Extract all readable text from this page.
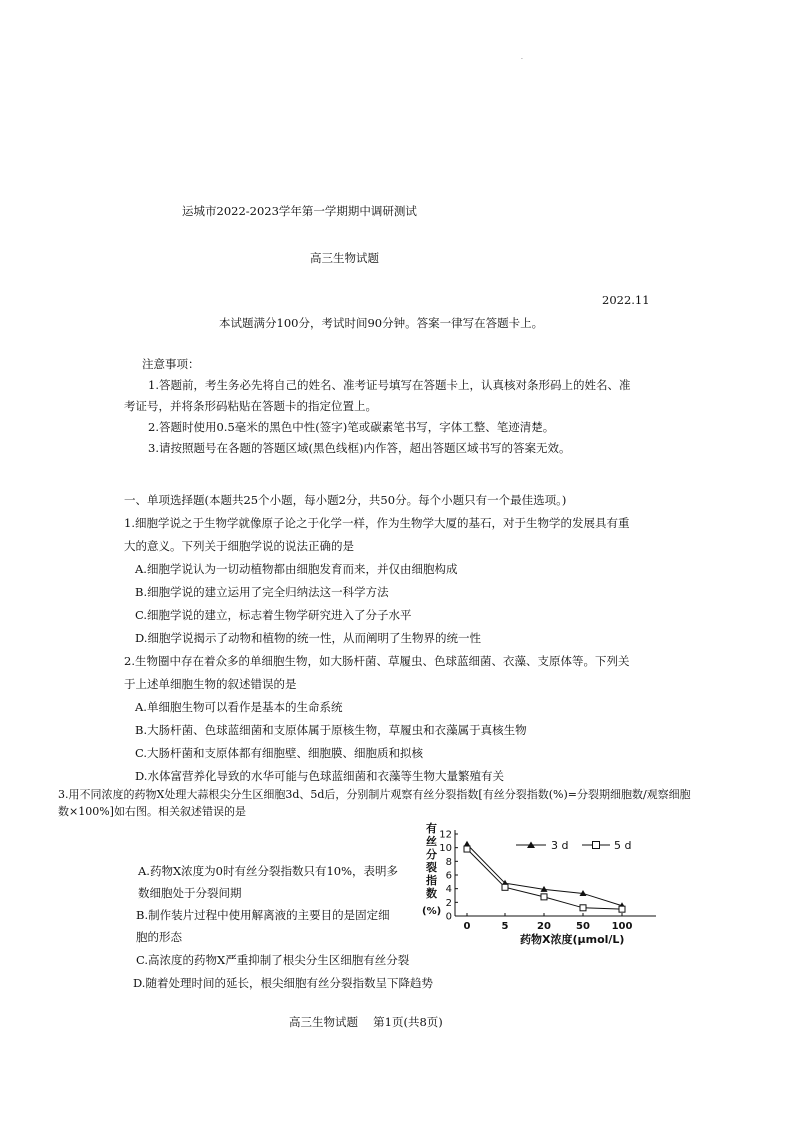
·
运城市2022-2023学年第一学期期中调研测试
高三生物试题
2022.11
本试题满分100分，考试时间90分钟。答案一律写在答题卡上。
注意事项：
1.答题前，考生务必先将自己的姓名、准考证号填写在答题卡上，认真核对条形码上的姓名、准
考证号，并将条形码粘贴在答题卡的指定位置上。
2.答题时使用0.5毫米的黑色中性(签字)笔或碳素笔书写，字体工整、笔迹清楚。
3.请按照题号在各题的答题区域(黑色线框)内作答，超出答题区域书写的答案无效。
一、单项选择题(本题共25个小题，每小题2分，共50分。每个小题只有一个最佳选项。)
1.细胞学说之于生物学就像原子论之于化学一样，作为生物学大厦的基石，对于生物学的发展具有重
大的意义。下列关于细胞学说的说法正确的是
A.细胞学说认为一切动植物都由细胞发育而来，并仅由细胞构成
B.细胞学说的建立运用了完全归纳法这一科学方法
C.细胞学说的建立，标志着生物学研究进入了分子水平
D.细胞学说揭示了动物和植物的统一性，从而阐明了生物界的统一性
2.生物圈中存在着众多的单细胞生物，如大肠杆菌、草履虫、色球蓝细菌、衣藻、支原体等。下列关
于上述单细胞生物的叙述错误的是
A.单细胞生物可以看作是基本的生命系统
B.大肠杆菌、色球蓝细菌和支原体属于原核生物，草履虫和衣藻属于真核生物
C.大肠杆菌和支原体都有细胞壁、细胞膜、细胞质和拟核
D.水体富营养化导致的水华可能与色球蓝细菌和衣藻等生物大量繁殖有关
3.用不同浓度的药物X处理大蒜根尖分生区细胞3d、5d后，分别制片观察有丝分裂指数[有丝分裂指数(%)=分裂期细胞数/观察细胞
数×100%]如右图。相关叙述错误的是
A.药物X浓度为0时有丝分裂指数只有10%，表明多
数细胞处于分裂间期
B.制作装片过程中使用解离液的主要目的是固定细
胞的形态
C.高浓度的药物X严重抑制了根尖分生区细胞有丝分裂
D.随着处理时间的延长，根尖细胞有丝分裂指数呈下降趋势
有
丝
分
裂
指
数
(%) 0
2
4
6
8
10
12
0	5	20	50 100
3 d	5 d
药物X浓度(μmol/L)
高三生物试题　 第1页(共8页)
